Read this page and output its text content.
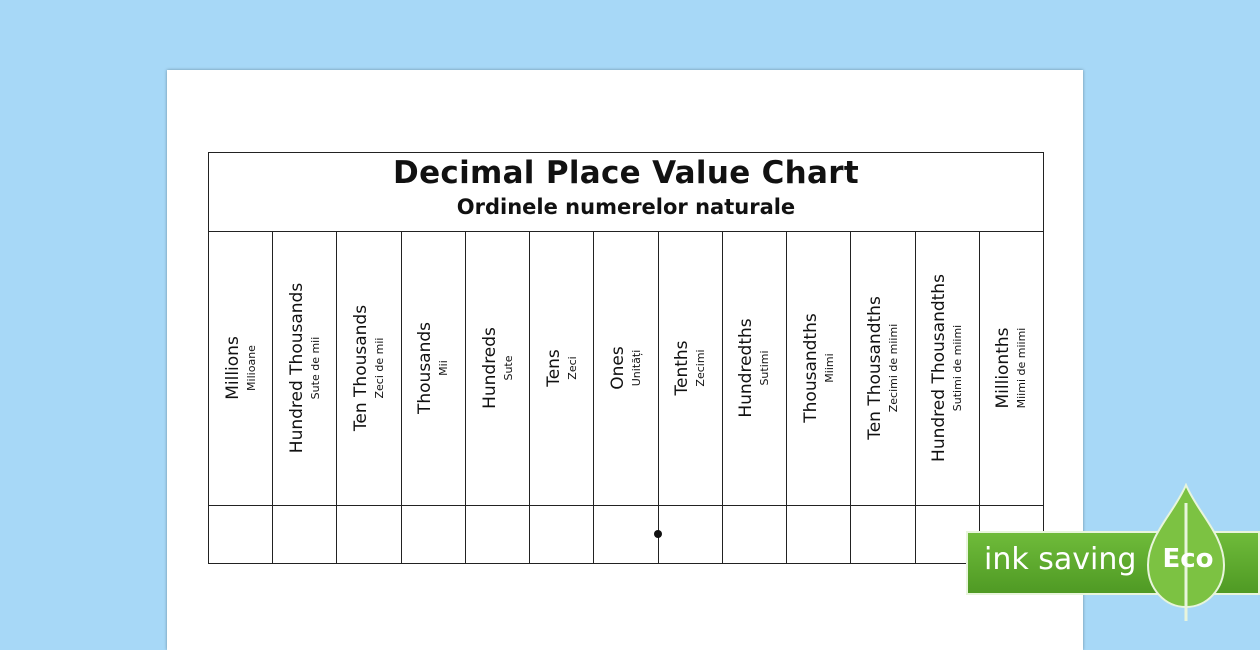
Decimal Place Value Chart
Ordinele numerelor naturale
Millions Milioane Hundred Thousands Sute de mii Ten Thousands Zeci de mii Thousands Mii Hundreds Sute Tens Zeci Ones Unități Tenths Zecimi Hundredths Sutimi Thousandths Miimi Ten Thousandths Zecimi de miimi Hundred Thousandths Sutimi de miimi Millionths Miimi de miimi
ink saving Eco
